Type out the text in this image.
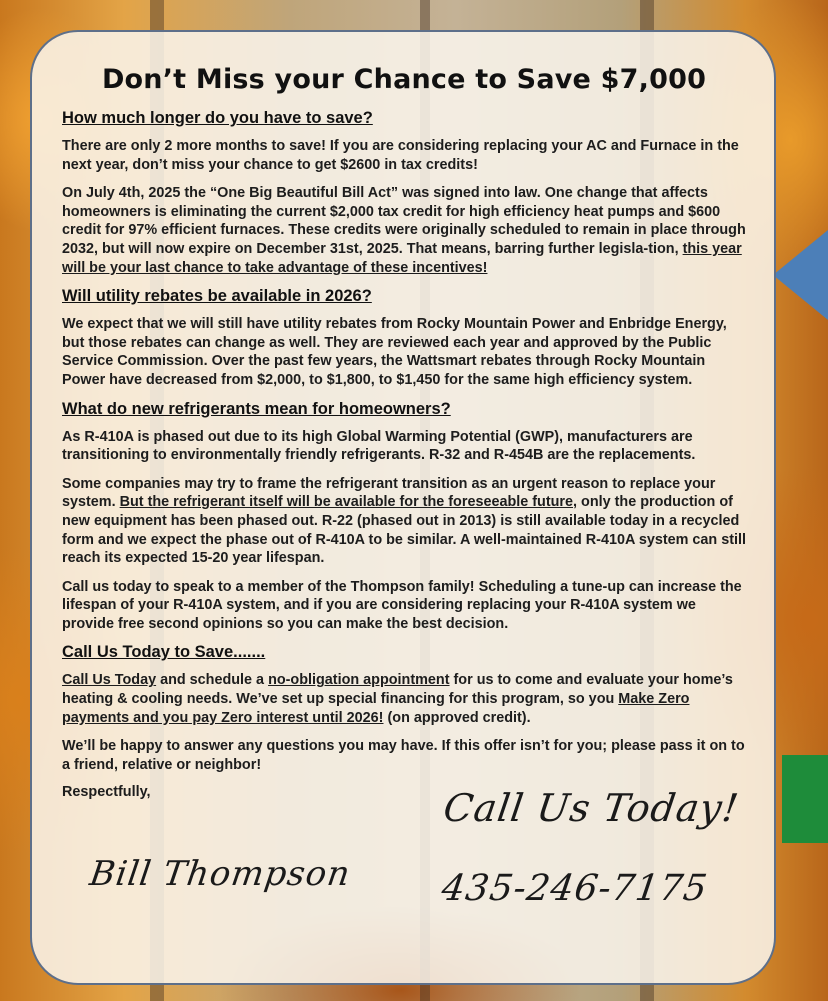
Don’t Miss your Chance to Save $7,000
How much longer do you have to save?

There are only 2 more months to save! If you are considering replacing your AC and Furnace in the next year, don’t miss your chance to get $2600 in tax credits!

On July 4th, 2025 the “One Big Beautiful Bill Act” was signed into law. One change that affects homeowners is eliminating the current $2,000 tax credit for high efficiency heat pumps and $600 credit for 97% efficient furnaces. These credits were originally scheduled to remain in place through 2032, but will now expire on December 31st, 2025. That means, barring further legisla-tion, this year will be your last chance to take advantage of these incentives!

Will utility rebates be available in 2026?

We expect that we will still have utility rebates from Rocky Mountain Power and Enbridge Energy, but those rebates can change as well. They are reviewed each year and approved by the Public Service Commission. Over the past few years, the Wattsmart rebates through Rocky Mountain Power have decreased from $2,000, to $1,800, to $1,450 for the same high efficiency system.

What do new refrigerants mean for homeowners?

As R-410A is phased out due to its high Global Warming Potential (GWP), manufacturers are transitioning to environmentally friendly refrigerants. R-32 and R-454B are the replacements.

Some companies may try to frame the refrigerant transition as an urgent reason to replace your system. But the refrigerant itself will be available for the foreseeable future, only the production of new equipment has been phased out. R-22 (phased out in 2013) is still available today in a recycled form and we expect the phase out of R-410A to be similar. A well-maintained R-410A system can still reach its expected 15-20 year lifespan.

Call us today to speak to a member of the Thompson family! Scheduling a tune-up can increase the lifespan of your R-410A system, and if you are considering replacing your R-410A system we provide free second opinions so you can make the best decision.

Call Us Today to Save.......

Call Us Today and schedule a no-obligation appointment for us to come and evaluate your home’s heating & cooling needs. We’ve set up special financing for this program, so you Make Zero payments and you pay Zero interest until 2026! (on approved credit).

We’ll be happy to answer any questions you may have. If this offer isn’t for you; please pass it on to a friend, relative or neighbor!

Respectfully,
Bill Thompson
Call Us Today!
435-246-7175
